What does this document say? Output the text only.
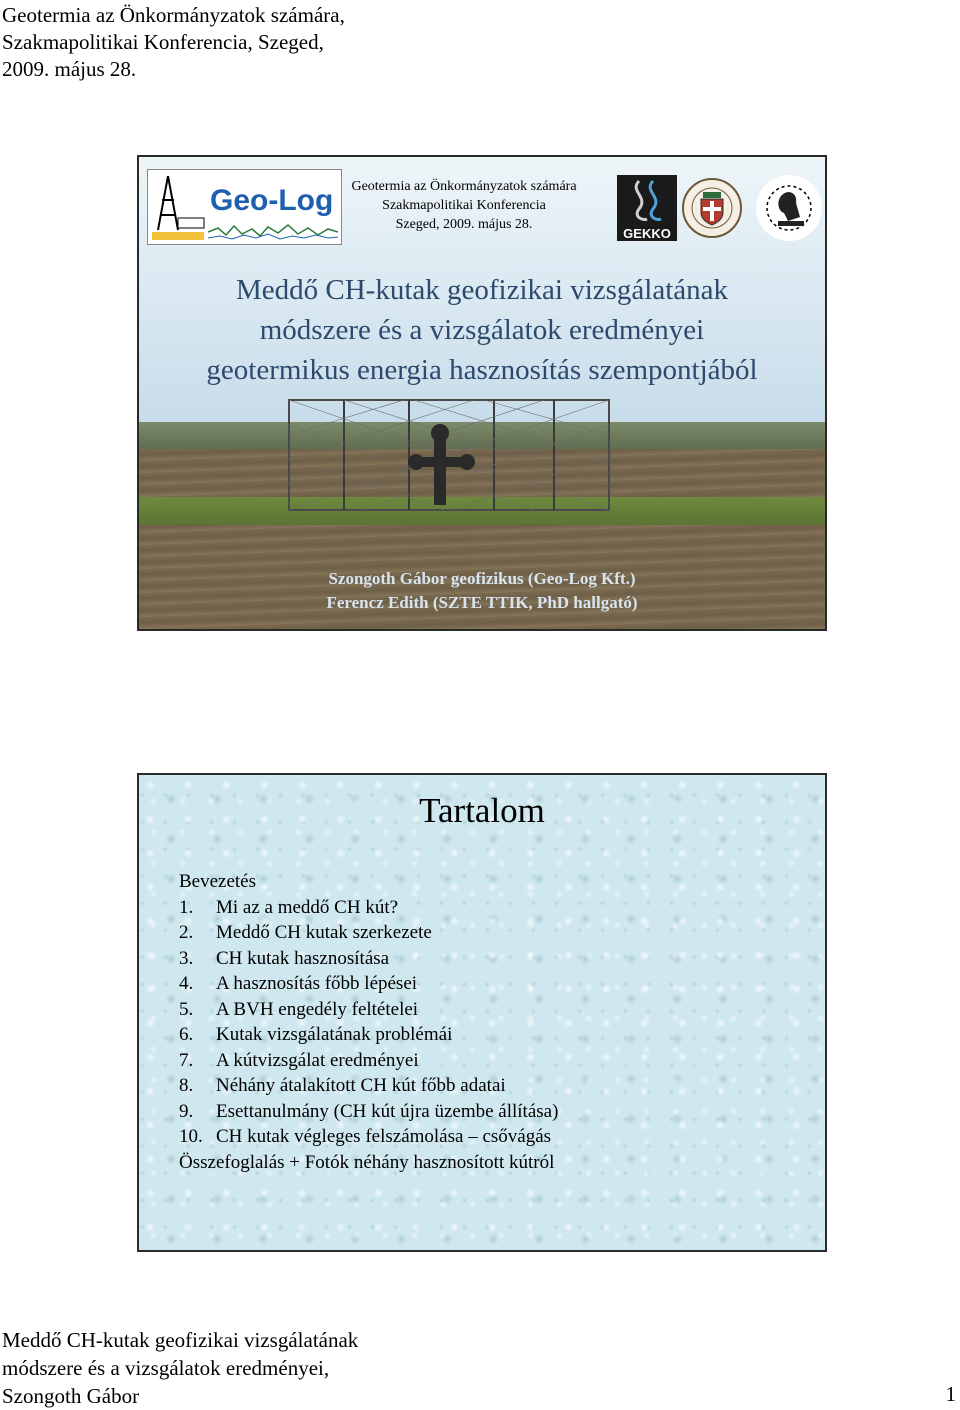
Geotermia az Önkormányzatok számára,
Szakmapolitikai Konferencia, Szeged,
2009. május 28.
Geo-Log	Geotermia az Önkormányzatok számára
Szakmapolitikai Konferencia
Szeged, 2009. május 28.
GEKKO
Meddő CH-kutak geofizikai vizsgálatának
módszere és a vizsgálatok eredményei
geotermikus energia hasznosítás szempontjából
Szongoth Gábor geofizikus (Geo-Log Kft.)
Ferencz Edith (SZTE TTIK, PhD hallgató)
Tartalom
Bevezetés
1. Mi az a meddő CH kút?
2. Meddő CH kutak szerkezete
3. CH kutak hasznosítása
4. A hasznosítás főbb lépései
5. A BVH engedély feltételei
6. Kutak vizsgálatának problémái
7. A kútvizsgálat eredményei
8. Néhány átalakított CH kút főbb adatai
9. Esettanulmány (CH kút újra üzembe állítása)
10. CH kutak végleges felszámolása – csővágás
Összefoglalás + Fotók néhány hasznosított kútról
Meddő CH-kutak geofizikai vizsgálatának
módszere és a vizsgálatok eredményei,
Szongoth Gábor	1
